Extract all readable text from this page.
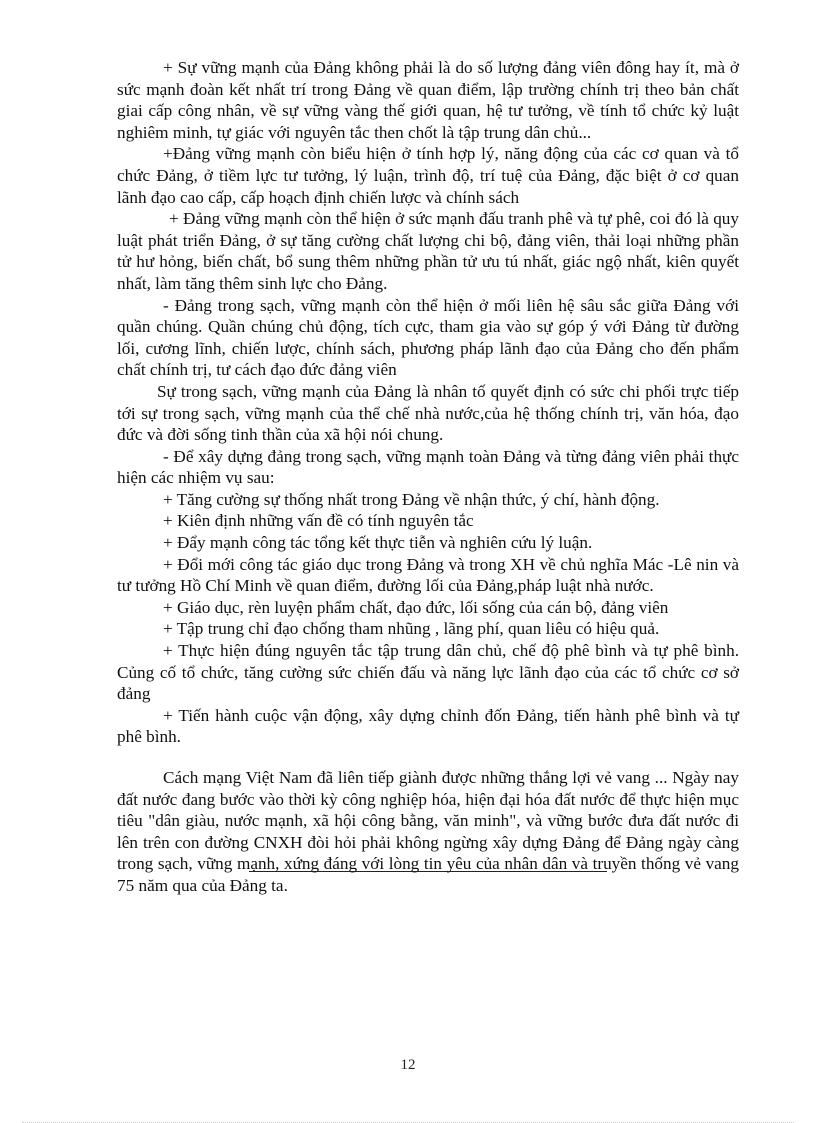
+ Sự vững mạnh của Đảng không phải là do số lượng đảng viên đông hay ít, mà ở sức mạnh đoàn kết nhất trí trong Đảng về quan điểm, lập trường chính trị theo bản chất giai cấp công nhân, về sự vững vàng thế giới quan, hệ tư tưởng, về tính tổ chức kỷ luật nghiêm minh, tự giác với nguyên tắc then chốt là tập trung dân chủ...

+Đảng vững mạnh còn biểu hiện ở tính hợp lý, năng động của các cơ quan và tổ chức Đảng, ở tiềm lực tư tưởng, lý luận, trình độ, trí tuệ của Đảng, đặc biệt ở cơ quan lãnh đạo cao cấp, cấp hoạch định chiến lược và chính sách

+ Đảng vững mạnh còn thể hiện ở sức mạnh đấu tranh phê và tự phê, coi đó là quy luật phát triển Đảng, ở sự tăng cường chất lượng chi bộ, đảng viên, thải loại những phần tử hư hỏng, biến chất, bổ sung thêm những phần tử ưu tú nhất, giác ngộ nhất, kiên quyết nhất, làm tăng thêm sinh lực cho Đảng.

- Đảng trong sạch, vững mạnh còn thể hiện ở mối liên hệ sâu sắc giữa Đảng với quần chúng. Quần chúng chủ động, tích cực, tham gia vào sự góp ý với Đảng từ đường lối, cương lĩnh, chiến lược, chính sách, phương pháp lãnh đạo của Đảng cho đến phẩm chất chính trị, tư cách đạo đức đảng viên

Sự trong sạch, vững mạnh của Đảng là nhân tố quyết định có sức chi phối trực tiếp tới sự trong sạch, vững mạnh của thể chế nhà nước,của hệ thống chính trị, văn hóa, đạo đức và đời sống tinh thần của xã hội nói chung.

- Để xây dựng đảng trong sạch, vững mạnh toàn Đảng và từng đảng viên phải thực hiện các nhiệm vụ sau:

+ Tăng cường sự thống nhất trong Đảng về nhận thức, ý chí, hành động.

+ Kiên định những vấn đề có tính nguyên tắc

+ Đẩy mạnh công tác tổng kết thực tiễn và nghiên cứu lý luận.

+ Đổi mới công tác giáo dục trong Đảng và trong XH về chủ nghĩa Mác -Lê nin và tư tưởng Hồ Chí Minh về quan điểm, đường lối của Đảng,pháp luật nhà nước.

+ Giáo dục, rèn luyện phẩm chất, đạo đức, lối sống của cán bộ, đảng viên

+ Tập trung chỉ đạo chống tham nhũng , lãng phí, quan liêu có hiệu quả.

+ Thực hiện đúng nguyên tắc tập trung dân chủ, chế độ phê bình và tự phê bình. Củng cố tổ chức, tăng cường sức chiến đấu và năng lực lãnh đạo của các tổ chức cơ sở đảng

+ Tiến hành cuộc vận động, xây dựng chỉnh đốn Đảng, tiến hành phê bình và tự phê bình.

Cách mạng Việt Nam đã liên tiếp giành được những thắng lợi vẻ vang ... Ngày nay đất nước đang bước vào thời kỳ công nghiệp hóa, hiện đại hóa đất nước để thực hiện mục tiêu "dân giàu, nước mạnh, xã hội công bằng, văn minh", và vững bước đưa đất nước đi lên trên con đường CNXH đòi hỏi phải không ngừng xây dựng Đảng để Đảng ngày càng trong sạch, vững mạnh, xứng đáng với lòng tin yêu của nhân dân và truyền thống vẻ vang 75 năm qua của Đảng ta.

12
